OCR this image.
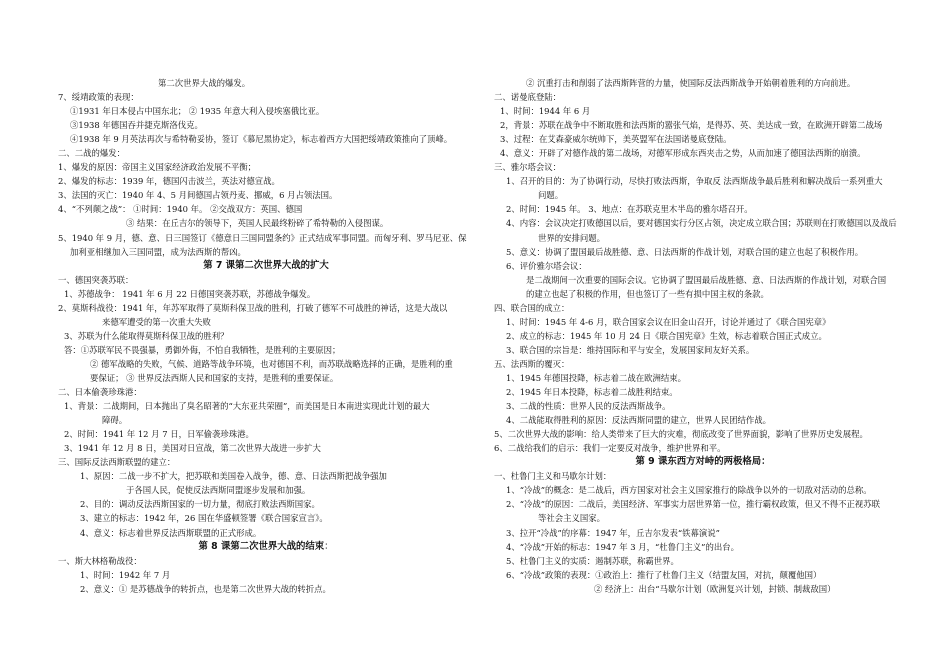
第二次世界大战的爆发。
7、绥靖政策的表现：
①1931 年日本侵占中国东北； ② 1935 年意大利入侵埃塞俄比亚。
③1938 年德国吞并捷克斯洛伐克。
④1938 年 9 月英法再次与希特勒妥协，签订《慕尼黑协定》，标志着西方大国把绥靖政策推向了顶峰。
二、二战的爆发：
1、爆发的原因：帝国主义国家经济政治发展不平衡；
2、爆发的标志：1939 年，德国闪击波兰，英法对德宣战。
3、法国的灭亡：1940 年 4、5 月间德国占领丹麦、挪威，6 月占领法国。
4、“不列颠之战”： ①时间：1940 年。 ②交战双方：英国、德国
③ 结果：在丘吉尔的领导下，英国人民最终粉碎了希特勒的入侵图谋。
5、1940 年 9 月，德、意、日三国签订《德意日三国同盟条约》正式结成军事同盟。而匈牙利、罗马尼亚、保
加利亚相继加入三国同盟，成为法西斯的帮凶。
第 7 课第二次世界大战的扩大
一、德国突袭苏联：
1、苏德战争： 1941 年 6 月 22 日德国突袭苏联，苏德战争爆发。
2、莫斯科战役：1941 年，年苏军取得了莫斯科保卫战的胜利，打破了德军不可战胜的神话，这是大战以
来德军遭受的第一次重大失败
3、苏联为什么能取得莫斯科保卫战的胜利？
答：①苏联军民不畏强暴，勇御外侮，不怕自我牺牲，是胜利的主要原因；
② 德军战略的失败，气候、道路等战争环境，也对德国不利，而苏联战略选择的正确，是胜利的重
要保证； ③ 世界反法西斯人民和国家的支持，是胜利的重要保证。
二、日本偷袭珍珠港：
1、背景：二战期间，日本抛出了臭名昭著的“大东亚共荣圈”，而美国是日本南进实现此计划的最大
障碍。
2、时间：1941 年 12 月 7 日，日军偷袭珍珠港。
3、1941 年 12 月 8 日，美国对日宣战，第二次世界大战进一步扩大
三、国际反法西斯联盟的建立：
1、原因：二战一步不扩大，把苏联和美国卷入战争，德、意、日法西斯把战争强加
于各国人民，促使反法西斯同盟逐步发展和加强。
2、目的：调动反法西斯国家的一切力量，彻底打败法西斯国家。
3、建立的标志：1942 年，26 国在华盛顿签署《联合国家宣言》。
4、意义：标志着世界反法西斯联盟的正式形成。
第 8 课第二次世界大战的结束：
一、斯大林格勒战役：
1、时间：1942 年 7 月
2、意义：① 是苏德战争的转折点，也是第二次世界大战的转折点。
② 沉重打击和削弱了法西斯阵营的力量，使国际反法西斯战争开始朝着胜利的方向前进。
二、诺曼底登陆：
1、时间：1944 年 6 月
2，背景：苏联在战争中不断取胜和法西斯的嚣张气焰，是得苏、英、美达成一致，在欧洲开辟第二战场
3、过程：在艾森豪威尔统帅下，美英盟军在法国诺曼底登陆。
4、意义：开辟了对德作战的第二战场，对德军形成东西夹击之势，从而加速了德国法西斯的崩溃。
三、雅尔塔会议：
1、召开的目的：为了协调行动，尽快打败法西斯，争取反 法西斯战争最后胜利和解决战后一系列重大
问题。
2、时间：1945 年。 3、地点：在苏联克里木半岛的雅尔塔召开。
4、内容：会议决定打败德国以后，要对德国实行分区占领，决定成立联合国；苏联则在打败德国以及战后
世界的安排问题。
5、意义：协调了盟国最后战胜德、意、日法西斯的作战计划，对联合国的建立也起了积极作用。
6、评价雅尔塔会议：
是二战期间一次重要的国际会议。它协调了盟国最后战胜德、意、日法西斯的作战计划，对联合国
的建立也起了积极的作用，但也签订了一些有损中国主权的条款。
四、联合国的成立：
1、时间：1945 年 4-6 月，联合国家会议在旧金山召开，讨论并通过了《联合国宪章》
2、成立的标志：1945 年 10 月 24 日《联合国宪章》生效，标志着联合国正式成立。
3、联合国的宗旨是：维持国际和平与安全，发展国家间友好关系。
五、法西斯的覆灭：
1、1945 年德国投降，标志着二战在欧洲结束。
2、1945 年日本投降，标志着二战胜利结束。
3、二战的性质：世界人民的反法西斯战争。
4、二战能取得胜利的原因：反法西斯同盟的建立，世界人民团结作战。
5、二次世界大战的影响：给人类带来了巨大的灾难，彻底改变了世界面貌，影响了世界历史发展程。
6、二战给我们的启示：我们一定要反对战争，维护世界和平。
第 9 课东西方对峙的两极格局：
一、杜鲁门主义和马歇尔计划：
1、“冷战”的概念：是二战后，西方国家对社会主义国家推行的除战争以外的一切敌对活动的总称。
2、“冷战”的原因：二战后，美国经济、军事实力居世界第一位，推行霸权政策，但又不得不正视苏联
等社会主义国家。
3、拉开“冷战”的序幕：1947 年，丘吉尔发表“铁幕演说”
4、“冷战”开始的标志：1947 年 3 月，“杜鲁门主义”的出台。
5、杜鲁门主义的实质：遏制苏联，称霸世界。
6、“冷战”政策的表现：①政治上：推行了杜鲁门主义（结盟友国，对抗，颠覆他国）
② 经济上：出台“马歇尔计划（欧洲复兴计划，封锁、制裁敌国）
